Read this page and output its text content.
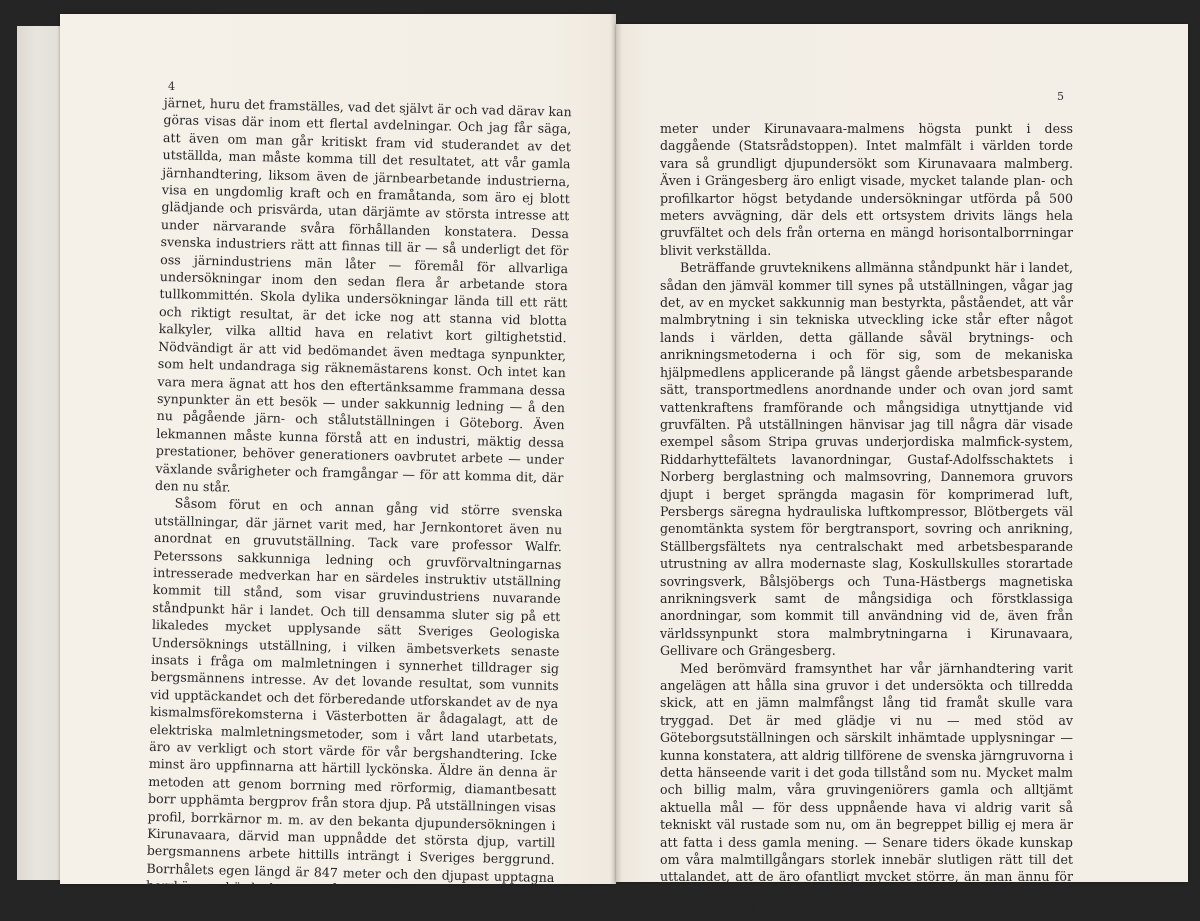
4

järnet, huru det framställes, vad det självt är och vad därav kan göras visas där inom ett flertal avdelningar. Och jag får säga, att även om man går kritiskt fram vid studerandet av det utställda, man måste komma till det resultatet, att vår gamla järnhandtering, liksom även de järnbearbetande industrierna, visa en ungdomlig kraft och en framåtanda, som äro ej blott glädjande och prisvärda, utan därjämte av största intresse att under närvarande svåra förhållanden konstatera. Dessa svenska industriers rätt att finnas till är — så underligt det för oss järnindustriens män låter — föremål för allvarliga undersökningar inom den sedan flera år arbetande stora tullkommittén. Skola dylika undersökningar lända till ett rätt och riktigt resultat, är det icke nog att stanna vid blotta kalkyler, vilka alltid hava en relativt kort giltighetstid. Nödvändigt är att vid bedömandet även medtaga synpunkter, som helt undandraga sig räknemästarens konst. Och intet kan vara mera ägnat att hos den eftertänksamme frammana dessa synpunkter än ett besök — under sakkunnig ledning — å den nu pågående järn- och stålutställningen i Göteborg. Även lekmannen måste kunna förstå att en industri, mäktig dessa prestationer, behöver generationers oavbrutet arbete — under växlande svårigheter och framgångar — för att komma dit, där den nu står.

Såsom förut en och annan gång vid större svenska utställningar, där järnet varit med, har Jernkontoret även nu anordnat en gruvutställning. Tack vare professor Walfr. Peterssons sakkunniga ledning och gruvförvaltningarnas intresserade medverkan har en särdeles instruktiv utställning kommit till stånd, som visar gruvindustriens nuvarande ståndpunkt här i landet. Och till densamma sluter sig på ett likaledes mycket upplysande sätt Sveriges Geologiska Undersöknings utställning, i vilken ämbetsverkets senaste insats i fråga om malmletningen i synnerhet tilldrager sig bergsmännens intresse. Av det lovande resultat, som vunnits vid upptäckandet och det förberedande utforskandet av de nya kismalmsförekomsterna i Västerbotten är ådagalagt, att de elektriska malmletningsmetoder, som i vårt land utarbetats, äro av verkligt och stort värde för vår bergshandtering. Icke minst äro uppfinnarna att härtill lyckönska. Äldre än denna är metoden att genom borrning med rörformig, diamantbesatt borr upphämta bergprov från stora djup. På utställningen visas profil, borrkärnor m. m. av den bekanta djupundersökningen i Kirunavaara, därvid man uppnådde det största djup, vartill bergsmannens arbete hittills inträngt i Sveriges berggrund. Borrhålets egen längd är 847 meter och den djupast upptagna borrkärnan hörde hemma på ett djup, som ligger omkring 1 100

5

meter under Kirunavaara-malmens högsta punkt i dess daggående (Statsrådstoppen). Intet malmfält i världen torde vara så grundligt djupundersökt som Kirunavaara malmberg. Även i Grängesberg äro enligt visade, mycket talande plan- och profilkartor högst betydande undersökningar utförda på 500 meters avvägning, där dels ett ortsystem drivits längs hela gruvfältet och dels från orterna en mängd horisontalborrningar blivit verkställda.

Beträffande gruvteknikens allmänna ståndpunkt här i landet, sådan den jämväl kommer till synes på utställningen, vågar jag det, av en mycket sakkunnig man bestyrkta, påståendet, att vår malmbrytning i sin tekniska utveckling icke står efter något lands i världen, detta gällande såväl brytnings- och anrikningsmetoderna i och för sig, som de mekaniska hjälpmedlens applicerande på längst gående arbetsbesparande sätt, transportmedlens anordnande under och ovan jord samt vattenkraftens framförande och mångsidiga utnyttjande vid gruvfälten. På utställningen hänvisar jag till några där visade exempel såsom Stripa gruvas underjordiska malmfick-system, Riddarhyttefältets lavanordningar, Gustaf-Adolfsschaktets i Norberg berglastning och malmsovring, Dannemora gruvors djupt i berget sprängda magasin för komprimerad luft, Persbergs säregna hydrauliska luftkompressor, Blötbergets väl genomtänkta system för bergtransport, sovring och anrikning, Ställbergsfältets nya centralschakt med arbetsbesparande utrustning av allra modernaste slag, Koskullskulles storartade sovringsverk, Bålsjöbergs och Tuna-Hästbergs magnetiska anrikningsverk samt de mångsidiga och förstklassiga anordningar, som kommit till användning vid de, även från världssynpunkt stora malmbrytningarna i Kirunavaara, Gellivare och Grängesberg.

Med berömvärd framsynthet har vår järnhandtering varit angelägen att hålla sina gruvor i det undersökta och tillredda skick, att en jämn malmfångst lång tid framåt skulle vara tryggad. Det är med glädje vi nu — med stöd av Göteborgsutställningen och särskilt inhämtade upplysningar — kunna konstatera, att aldrig tillförene de svenska järngruvorna i detta hänseende varit i det goda tillstånd som nu. Mycket malm och billig malm, våra gruvingeniörers gamla och alltjämt aktuella mål — för dess uppnående hava vi aldrig varit så tekniskt väl rustade som nu, om än begreppet billig ej mera är att fatta i dess gamla mening. — Senare tiders ökade kunskap om våra malmtillgångars storlek innebär slutligen rätt till det uttalandet, att de äro ofantligt mycket större, än man ännu för några år sedan anade, och detta gäller dessbättre även om våra fosforrena malmer, på vilka vår
